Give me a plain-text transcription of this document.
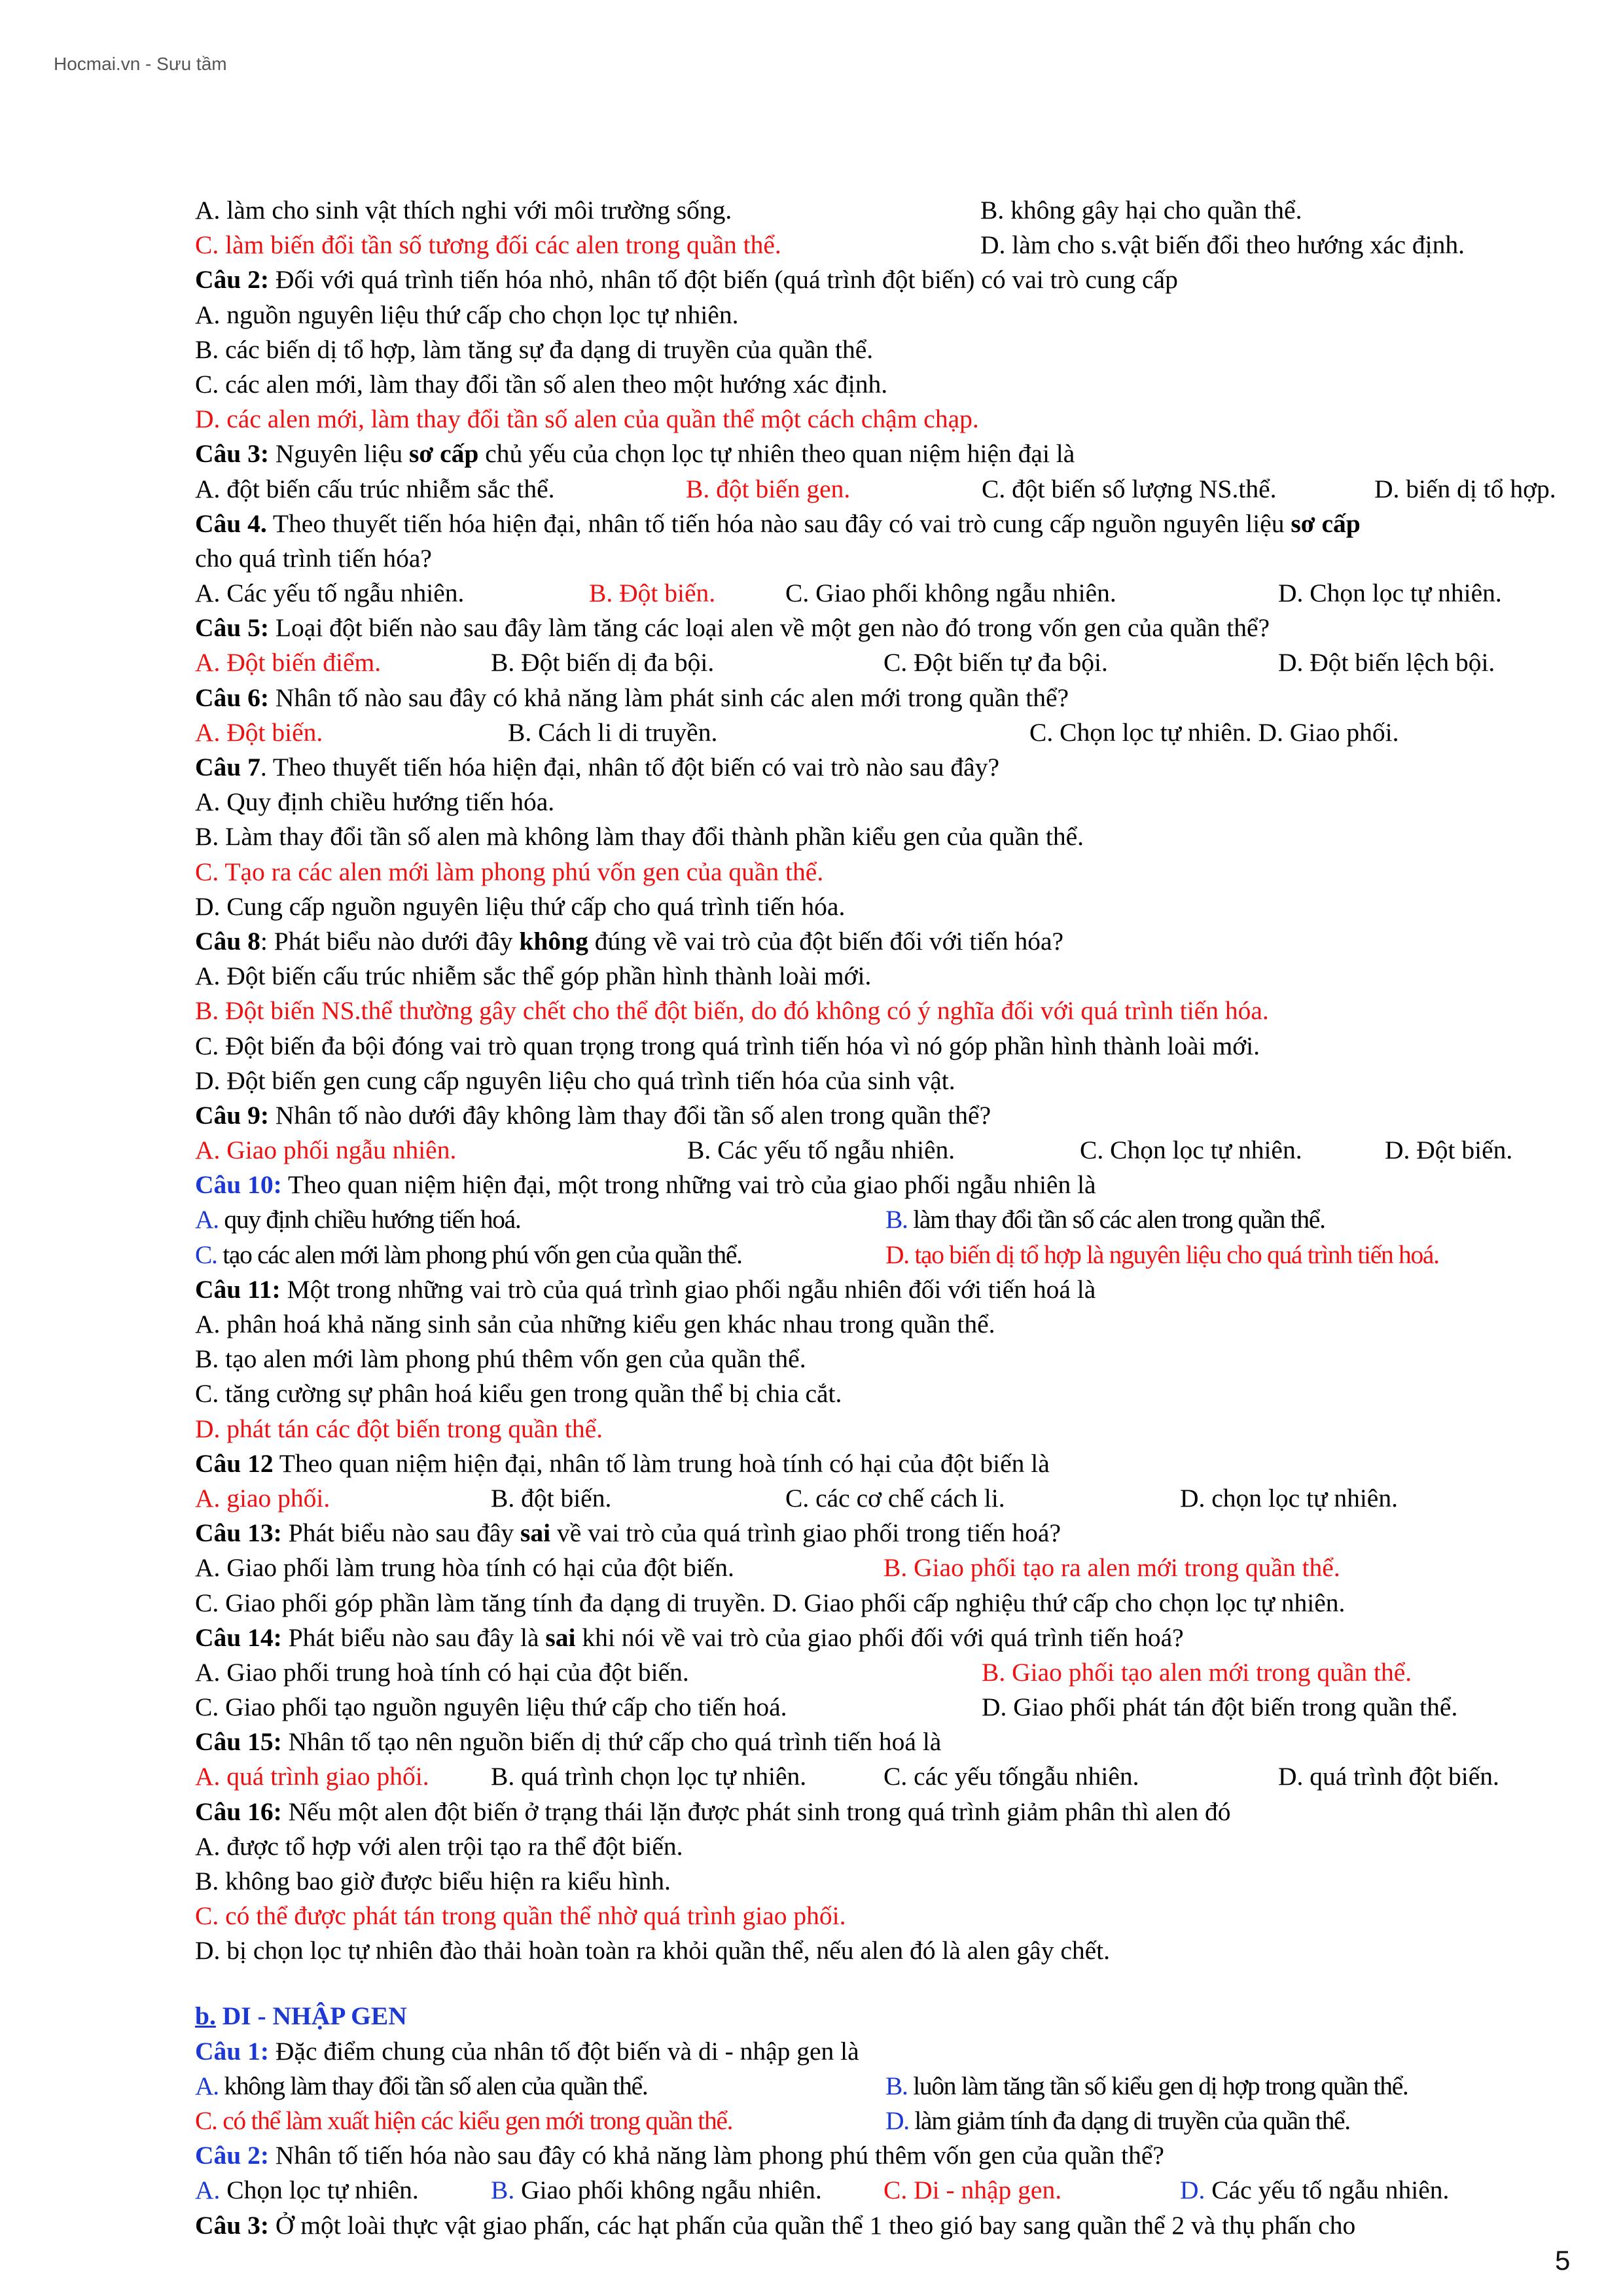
Hocmai.vn - Sưu tầm
A. làm cho sinh vật thích nghi với môi trường sống.	B. không gây hại cho quần thể.
C. làm biến đổi tần số tương đối các alen trong quần thể.	D. làm cho s.vật biến đổi theo hướng xác định.
Câu 2: Đối với quá trình tiến hóa nhỏ, nhân tố đột biến (quá trình đột biến) có vai trò cung cấp
A. nguồn nguyên liệu thứ cấp cho chọn lọc tự nhiên.
B. các biến dị tổ hợp, làm tăng sự đa dạng di truyền của quần thể.
C. các alen mới, làm thay đổi tần số alen theo một hướng xác định.
D. các alen mới, làm thay đổi tần số alen của quần thể một cách chậm chạp.
Câu 3: Nguyên liệu sơ cấp chủ yếu của chọn lọc tự nhiên theo quan niệm hiện đại là
A. đột biến cấu trúc nhiễm sắc thể.	B. đột biến gen.	C. đột biến số lượng NS.thể.	D. biến dị tổ hợp.
Câu 4. Theo thuyết tiến hóa hiện đại, nhân tố tiến hóa nào sau đây có vai trò cung cấp nguồn nguyên liệu sơ cấp
cho quá trình tiến hóa?
A. Các yếu tố ngẫu nhiên.	B. Đột biến.	C. Giao phối không ngẫu nhiên.	D. Chọn lọc tự nhiên.
Câu 5: Loại đột biến nào sau đây làm tăng các loại alen về một gen nào đó trong vốn gen của quần thể?
A. Đột biến điểm.	B. Đột biến dị đa bội.	C. Đột biến tự đa bội.	D. Đột biến lệch bội.
Câu 6: Nhân tố nào sau đây có khả năng làm phát sinh các alen mới trong quần thể?
A. Đột biến.	B. Cách li di truyền.	C. Chọn lọc tự nhiên. D. Giao phối.
Câu 7. Theo thuyết tiến hóa hiện đại, nhân tố đột biến có vai trò nào sau đây?
A. Quy định chiều hướng tiến hóa.
B. Làm thay đổi tần số alen mà không làm thay đổi thành phần kiểu gen của quần thể.
C. Tạo ra các alen mới làm phong phú vốn gen của quần thể.
D. Cung cấp nguồn nguyên liệu thứ cấp cho quá trình tiến hóa.
Câu 8: Phát biểu nào dưới đây không đúng về vai trò của đột biến đối với tiến hóa?
A. Đột biến cấu trúc nhiễm sắc thể góp phần hình thành loài mới.
B. Đột biến NS.thể thường gây chết cho thể đột biến, do đó không có ý nghĩa đối với quá trình tiến hóa.
C. Đột biến đa bội đóng vai trò quan trọng trong quá trình tiến hóa vì nó góp phần hình thành loài mới.
D. Đột biến gen cung cấp nguyên liệu cho quá trình tiến hóa của sinh vật.
Câu 9: Nhân tố nào dưới đây không làm thay đổi tần số alen trong quần thể?
A. Giao phối ngẫu nhiên.	B. Các yếu tố ngẫu nhiên.	C. Chọn lọc tự nhiên.	D. Đột biến.
Câu 10: Theo quan niệm hiện đại, một trong những vai trò của giao phối ngẫu nhiên là
A. quy định chiều hướng tiến hoá.	B. làm thay đổi tần số các alen trong quần thể.
C. tạo các alen mới làm phong phú vốn gen của quần thể.	D. tạo biến dị tổ hợp là nguyên liệu cho quá trình tiến hoá.
Câu 11: Một trong những vai trò của quá trình giao phối ngẫu nhiên đối với tiến hoá là
A. phân hoá khả năng sinh sản của những kiểu gen khác nhau trong quần thể.
B. tạo alen mới làm phong phú thêm vốn gen của quần thể.
C. tăng cường sự phân hoá kiểu gen trong quần thể bị chia cắt.
D. phát tán các đột biến trong quần thể.
Câu 12 Theo quan niệm hiện đại, nhân tố làm trung hoà tính có hại của đột biến là
A. giao phối.	B. đột biến.	C. các cơ chế cách li.	D. chọn lọc tự nhiên.
Câu 13: Phát biểu nào sau đây sai về vai trò của quá trình giao phối trong tiến hoá?
A. Giao phối làm trung hòa tính có hại của đột biến.	B. Giao phối tạo ra alen mới trong quần thể.
C. Giao phối góp phần làm tăng tính đa dạng di truyền. D. Giao phối cấp nghiệu thứ cấp cho chọn lọc tự nhiên.
Câu 14: Phát biểu nào sau đây là sai khi nói về vai trò của giao phối đối với quá trình tiến hoá?
A. Giao phối trung hoà tính có hại của đột biến.	B. Giao phối tạo alen mới trong quần thể.
C. Giao phối tạo nguồn nguyên liệu thứ cấp cho tiến hoá.	D. Giao phối phát tán đột biến trong quần thể.
Câu 15: Nhân tố tạo nên nguồn biến dị thứ cấp cho quá trình tiến hoá là
A. quá trình giao phối. B. quá trình chọn lọc tự nhiên.	C. các yếu tốngẫu nhiên.	D. quá trình đột biến.
Câu 16: Nếu một alen đột biến ở trạng thái lặn được phát sinh trong quá trình giảm phân thì alen đó
A. được tổ hợp với alen trội tạo ra thể đột biến.
B. không bao giờ được biểu hiện ra kiểu hình.
C. có thể được phát tán trong quần thể nhờ quá trình giao phối.
D. bị chọn lọc tự nhiên đào thải hoàn toàn ra khỏi quần thể, nếu alen đó là alen gây chết.
b. DI - NHẬP GEN
Câu 1: Đặc điểm chung của nhân tố đột biến và di - nhập gen là
A. không làm thay đổi tần số alen của quần thể.	B. luôn làm tăng tần số kiểu gen dị hợp trong quần thể.
C. có thể làm xuất hiện các kiểu gen mới trong quần thể.	D. làm giảm tính đa dạng di truyền của quần thể.
Câu 2: Nhân tố tiến hóa nào sau đây có khả năng làm phong phú thêm vốn gen của quần thể?
A. Chọn lọc tự nhiên.	B. Giao phối không ngẫu nhiên. C. Di - nhập gen.	D. Các yếu tố ngẫu nhiên.
Câu 3: Ở một loài thực vật giao phấn, các hạt phấn của quần thể 1 theo gió bay sang quần thể 2 và thụ phấn cho
5
